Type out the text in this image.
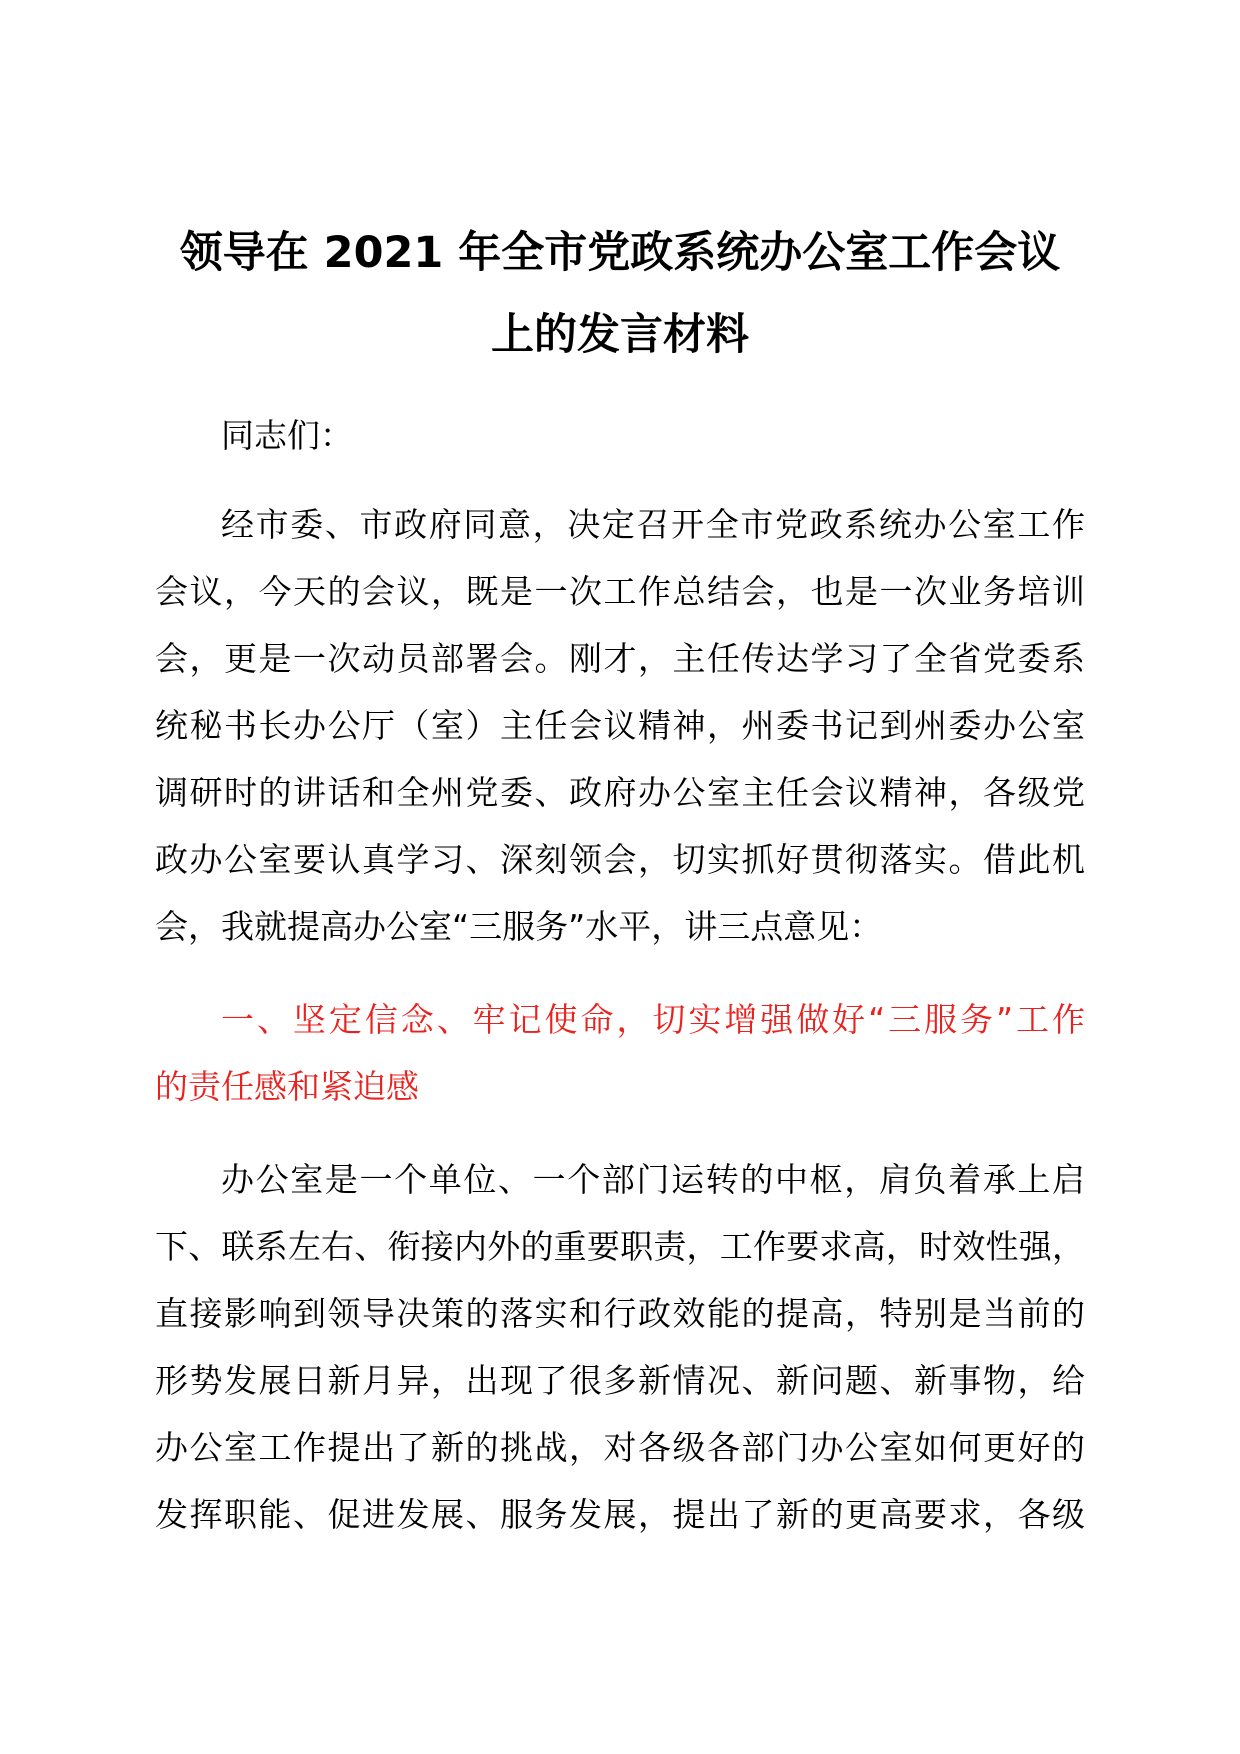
领导在 2021 年全市党政系统办公室工作会议
上的发言材料

同志们：

经市委、市政府同意，决定召开全市党政系统办公室工作
会议，今天的会议，既是一次工作总结会，也是一次业务培训
会，更是一次动员部署会。刚才，主任传达学习了全省党委系
统秘书长办公厅（室）主任会议精神，州委书记到州委办公室
调研时的讲话和全州党委、政府办公室主任会议精神，各级党
政办公室要认真学习、深刻领会，切实抓好贯彻落实。借此机
会，我就提高办公室“三服务”水平，讲三点意见：
一、坚定信念、牢记使命，切实增强做好“三服务”工作
的责任感和紧迫感
办公室是一个单位、一个部门运转的中枢，肩负着承上启
下、联系左右、衔接内外的重要职责，工作要求高，时效性强，
直接影响到领导决策的落实和行政效能的提高，特别是当前的
形势发展日新月异，出现了很多新情况、新问题、新事物，给
办公室工作提出了新的挑战，对各级各部门办公室如何更好的
发挥职能、促进发展、服务发展，提出了新的更高要求，各级
